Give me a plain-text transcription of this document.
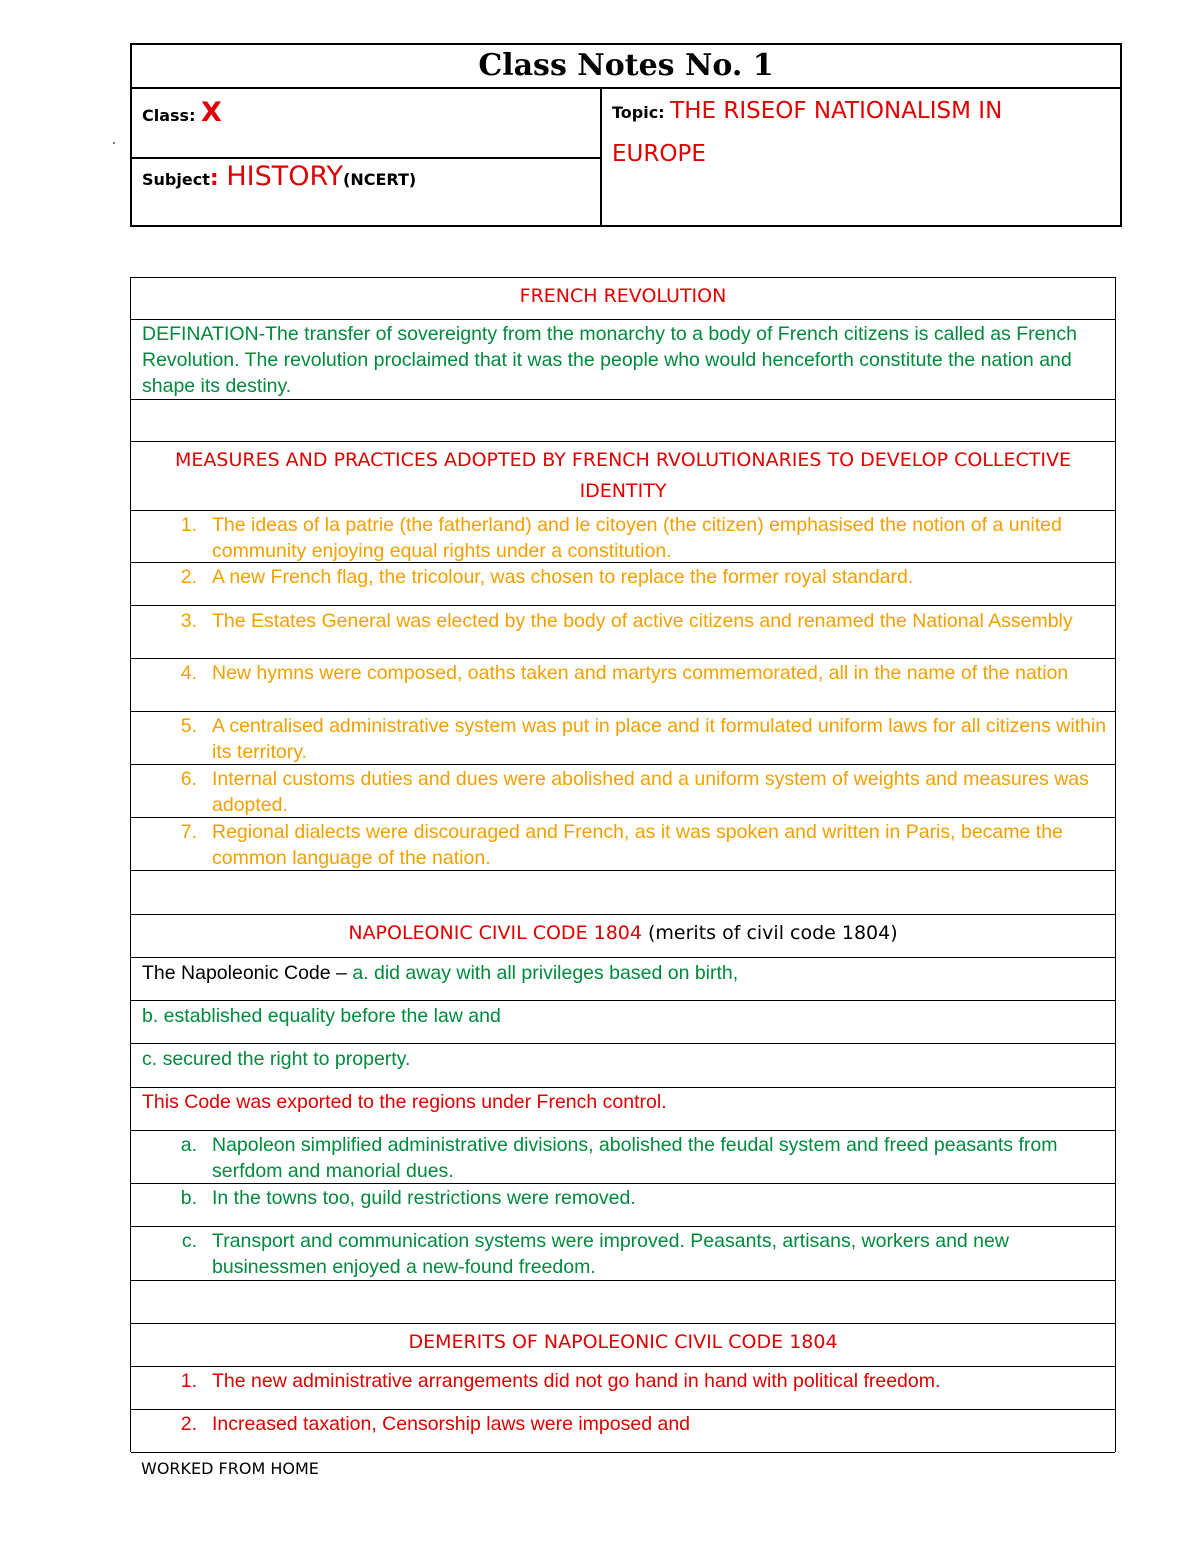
Class Notes No. 1
Class: X
Subject: HISTORY(NCERT)
Topic: THE RISEOF NATIONALISM IN EUROPE
FRENCH REVOLUTION
DEFINATION-The transfer of sovereignty from the monarchy to a body of French citizens is called as French Revolution. The revolution proclaimed that it was the people who would henceforth constitute the nation and shape its destiny.
MEASURES AND PRACTICES ADOPTED BY FRENCH RVOLUTIONARIES TO DEVELOP COLLECTIVE IDENTITY
1. The ideas of la patrie (the fatherland) and le citoyen (the citizen) emphasised the notion of a united community enjoying equal rights under a constitution.
2. A new French flag, the tricolour, was chosen to replace the former royal standard.
3. The Estates General was elected by the body of active citizens and renamed the National Assembly
4. New hymns were composed, oaths taken and martyrs commemorated, all in the name of the nation
5. A centralised administrative system was put in place and it formulated uniform laws for all citizens within its territory.
6. Internal customs duties and dues were abolished and a uniform system of weights and measures was adopted.
7. Regional dialects were discouraged and French, as it was spoken and written in Paris, became the common language of the nation.
NAPOLEONIC CIVIL CODE 1804 (merits of civil code 1804)
The Napoleonic Code – a. did away with all privileges based on birth,
b. established equality before the law and
c. secured the right to property.
This Code was exported to the regions under French control.
a. Napoleon simplified administrative divisions, abolished the feudal system and freed peasants from serfdom and manorial dues.
b. In the towns too, guild restrictions were removed.
c. Transport and communication systems were improved. Peasants, artisans, workers and new businessmen enjoyed a new-found freedom.
DEMERITS OF NAPOLEONIC CIVIL CODE 1804
1. The new administrative arrangements did not go hand in hand with political freedom.
2. Increased taxation, Censorship laws were imposed and
WORKED FROM HOME
